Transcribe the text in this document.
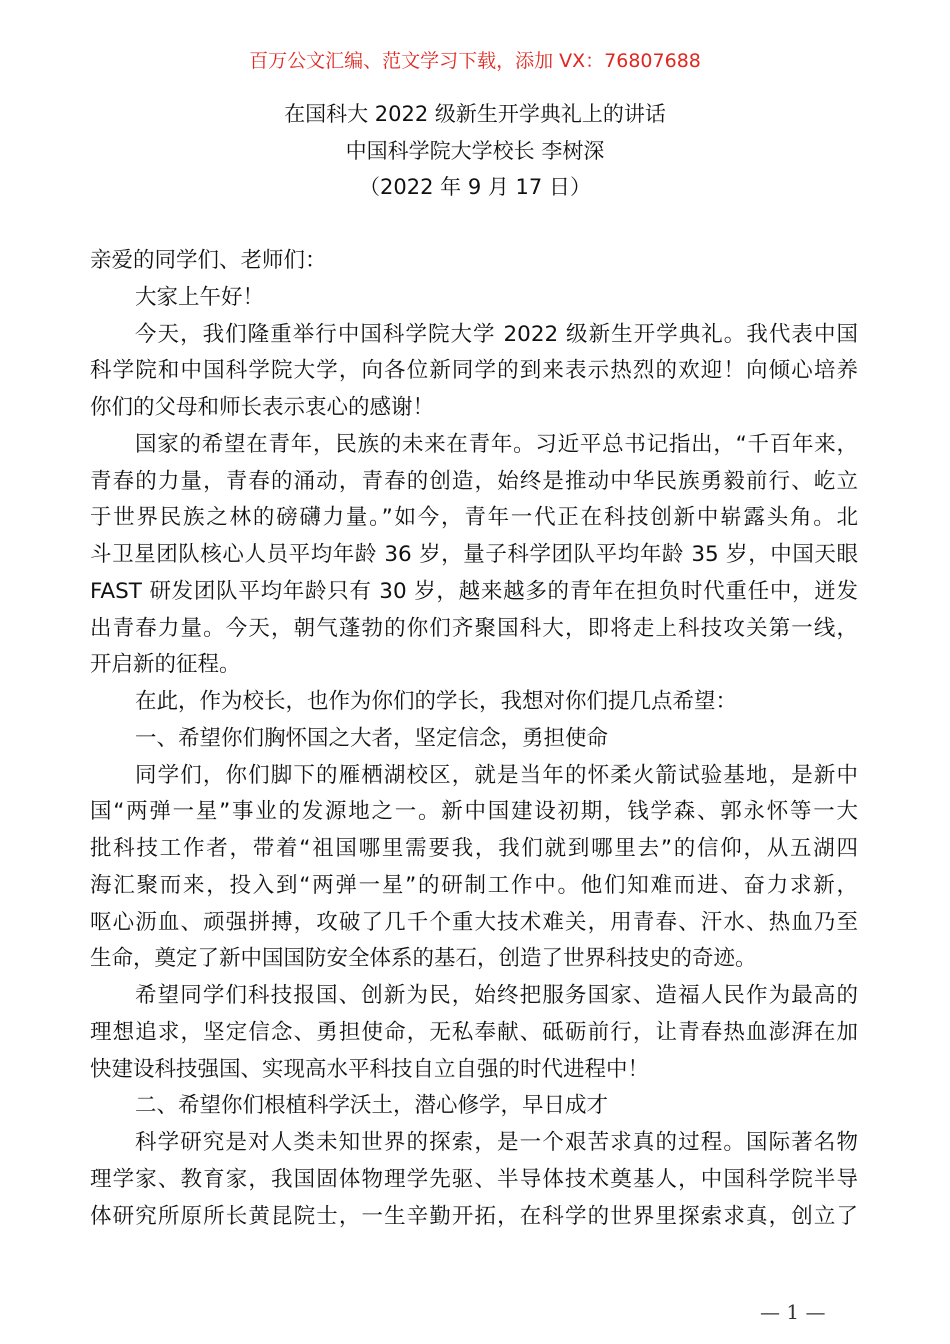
百万公文汇编、范文学习下载，添加 VX：76807688
在国科大 2022 级新生开学典礼上的讲话
中国科学院大学校长 李树深
（2022 年 9 月 17 日）
亲爱的同学们、老师们：
大家上午好！
今天，我们隆重举行中国科学院大学 2022 级新生开学典礼。我代表中国
科学院和中国科学院大学，向各位新同学的到来表示热烈的欢迎！向倾心培养
你们的父母和师长表示衷心的感谢！
国家的希望在青年，民族的未来在青年。习近平总书记指出，“千百年来，
青春的力量，青春的涌动，青春的创造，始终是推动中华民族勇毅前行、屹立
于世界民族之林的磅礴力量。”如今，青年一代正在科技创新中崭露头角。北
斗卫星团队核心人员平均年龄 36 岁，量子科学团队平均年龄 35 岁，中国天眼
FAST 研发团队平均年龄只有 30 岁，越来越多的青年在担负时代重任中，迸发
出青春力量。今天，朝气蓬勃的你们齐聚国科大，即将走上科技攻关第一线，
开启新的征程。
在此，作为校长，也作为你们的学长，我想对你们提几点希望：
一、希望你们胸怀国之大者，坚定信念，勇担使命
同学们，你们脚下的雁栖湖校区，就是当年的怀柔火箭试验基地，是新中
国“两弹一星”事业的发源地之一。新中国建设初期，钱学森、郭永怀等一大
批科技工作者，带着“祖国哪里需要我，我们就到哪里去”的信仰，从五湖四
海汇聚而来，投入到“两弹一星”的研制工作中。他们知难而进、奋力求新，
呕心沥血、顽强拼搏，攻破了几千个重大技术难关，用青春、汗水、热血乃至
生命，奠定了新中国国防安全体系的基石，创造了世界科技史的奇迹。
希望同学们科技报国、创新为民，始终把服务国家、造福人民作为最高的
理想追求，坚定信念、勇担使命，无私奉献、砥砺前行，让青春热血澎湃在加
快建设科技强国、实现高水平科技自立自强的时代进程中！
二、希望你们根植科学沃土，潜心修学，早日成才
科学研究是对人类未知世界的探索，是一个艰苦求真的过程。国际著名物
理学家、教育家，我国固体物理学先驱、半导体技术奠基人，中国科学院半导
体研究所原所长黄昆院士，一生辛勤开拓，在科学的世界里探索求真，创立了
— 1 —
